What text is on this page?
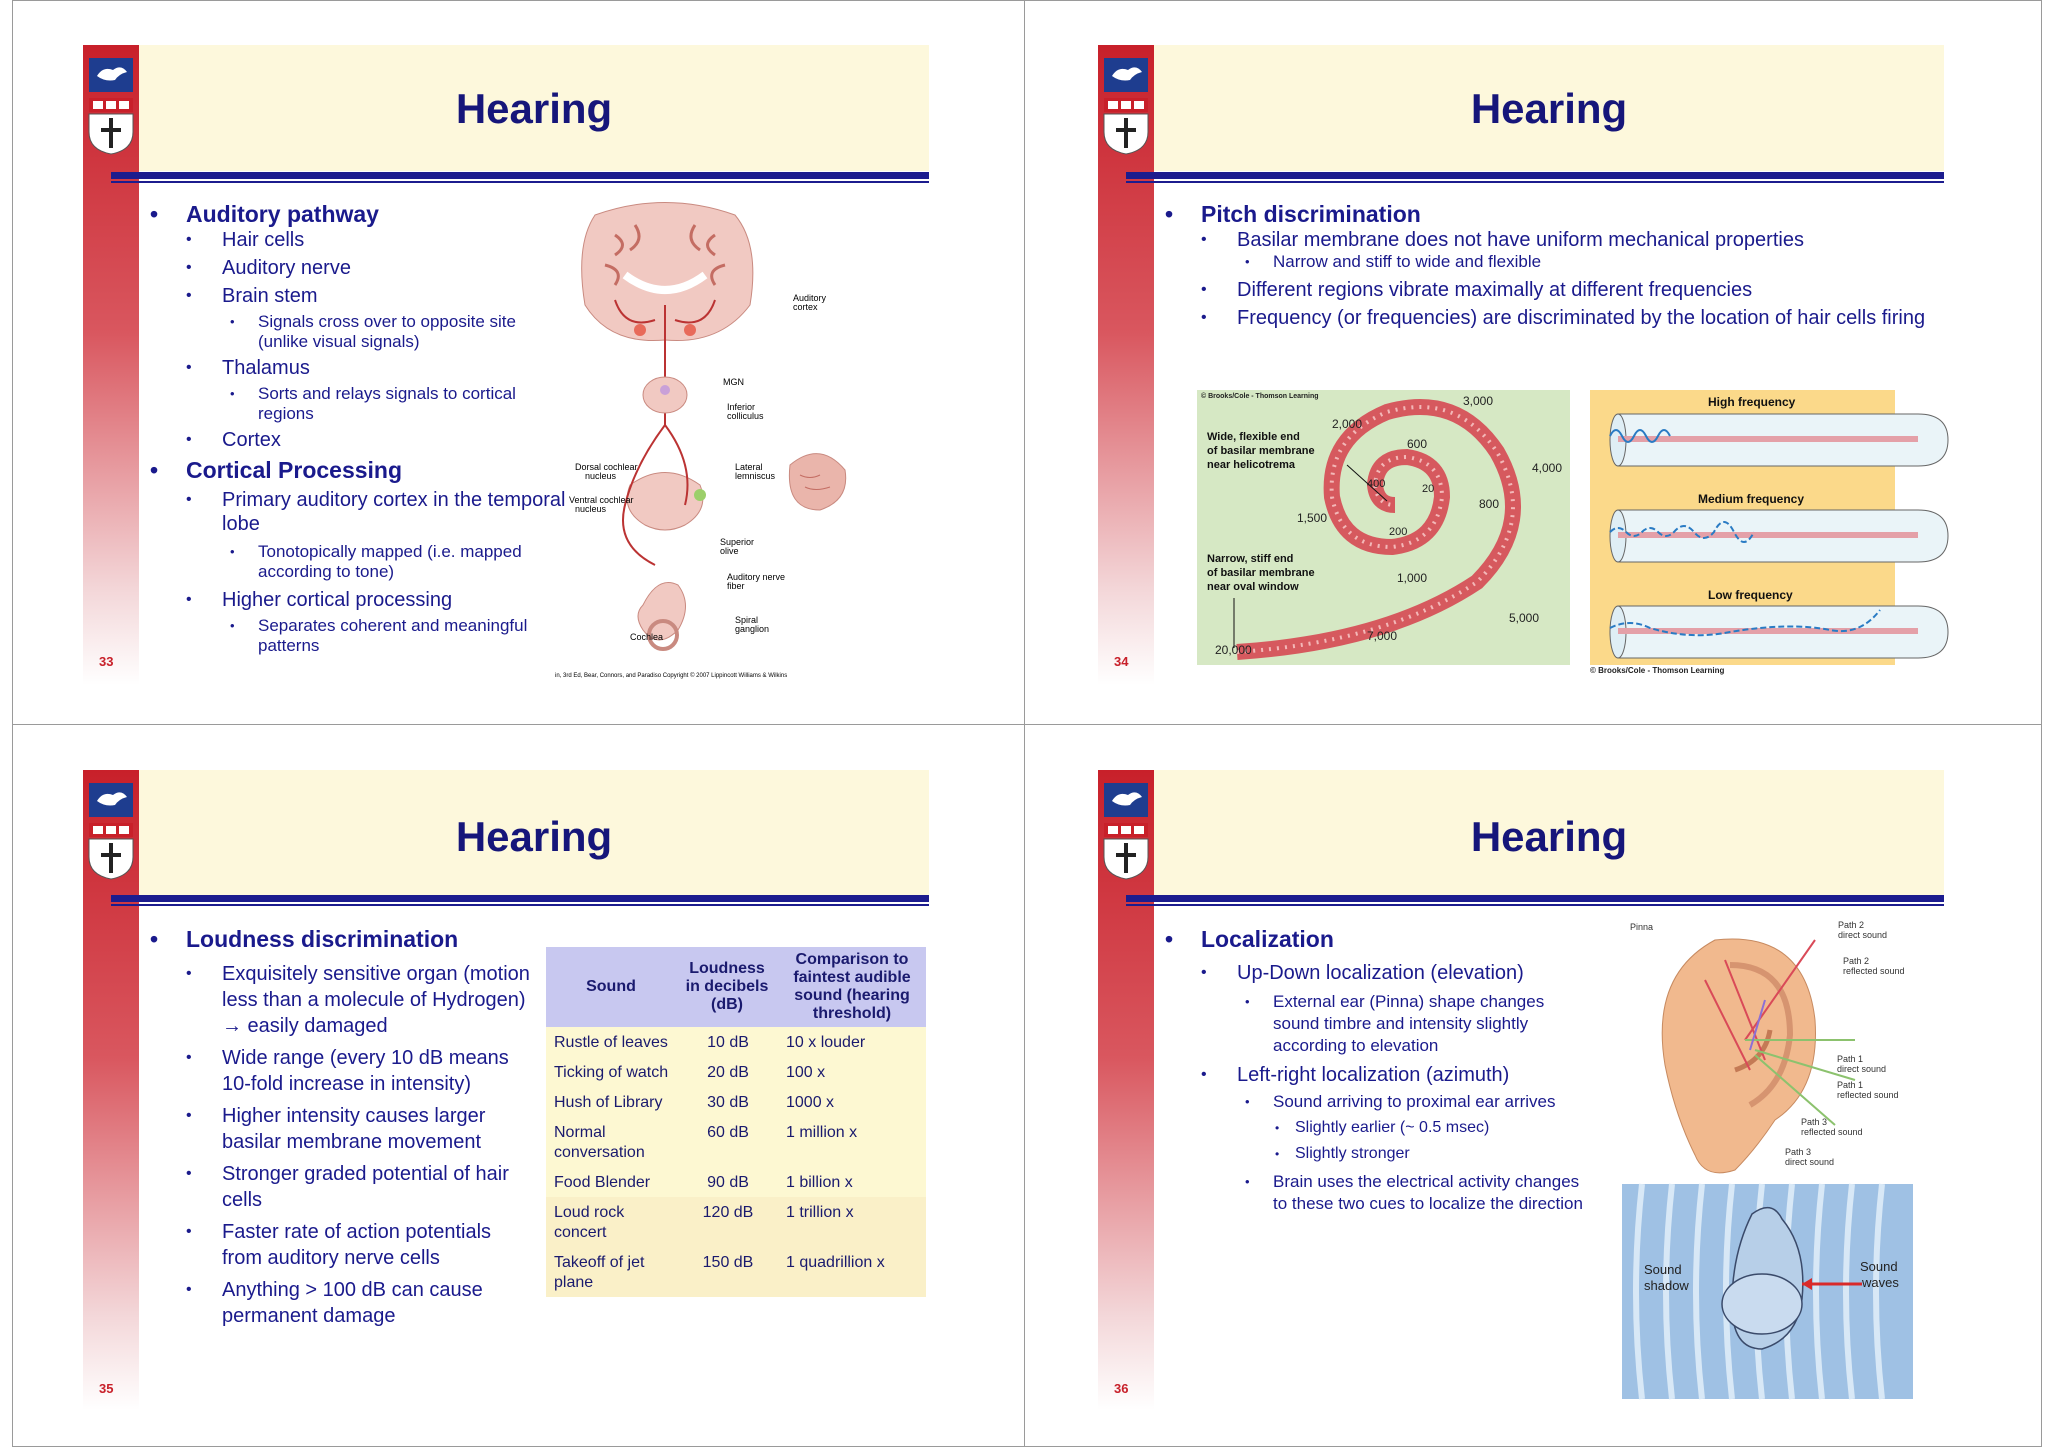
Hearing
• Auditory pathway
• Hair cells
• Auditory nerve
• Brain stem
• Signals cross over to opposite site (unlike visual signals)
• Thalamus
• Sorts and relays signals to cortical regions
• Cortex
• Cortical Processing
• Primary auditory cortex in the temporal lobe
• Tonotopically mapped (i.e. mapped according to tone)
• Higher cortical processing
• Separates coherent and meaningful patterns
Auditory
cortex
MGN
Inferior
colliculus
Dorsal cochlear
nucleus
Ventral cochlear
nucleus
Lateral
lemniscus
Superior
olive
Auditory nerve
fiber
Spiral
ganglion
Cochlea
in, 3rd Ed, Bear, Connors, and Paradiso Copyright © 2007 Lippincott Williams & Wilkins
33
Hearing
• Pitch discrimination
• Basilar membrane does not have uniform mechanical properties
• Narrow and stiff to wide and flexible
• Different regions vibrate maximally at different frequencies
• Frequency (or frequencies) are discriminated by the location of hair cells firing
© Brooks/Cole - Thomson Learning
Wide, flexible end
of basilar membrane
near helicotrema
Narrow, stiff end
of basilar membrane
near oval window
3,000
2,000
600
4,000
400	20
800
1,500
200
1,000
5,000
7,000
20,000
High frequency
Medium frequency
Low frequency
© Brooks/Cole - Thomson Learning
34
Hearing
• Loudness discrimination
• Exquisitely sensitive organ (motion less than a molecule of Hydrogen) → easily damaged
• Wide range (every 10 dB means 10-fold increase in intensity)
• Higher intensity causes larger basilar membrane movement
• Stronger graded potential of hair cells
• Faster rate of action potentials from auditory nerve cells
• Anything > 100 dB can cause permanent damage
Sound	Loudness in decibels (dB)	Comparison to faintest audible sound (hearing threshold)
Rustle of leaves	10 dB	10 x louder
Ticking of watch	20 dB	100 x
Hush of Library	30 dB	1000 x
Normal conversation	60 dB	1 million x
Food Blender	90 dB	1 billion x
Loud rock concert	120 dB	1 trillion x
Takeoff of jet plane	150 dB	1 quadrillion x
35
Hearing
• Localization
• Up-Down localization (elevation)
• External ear (Pinna) shape changes sound timbre and intensity slightly according to elevation
• Left-right localization (azimuth)
• Sound arriving to proximal ear arrives
• Slightly earlier (~ 0.5 msec)
• Slightly stronger
• Brain uses the electrical activity changes to these two cues to localize the direction
Pinna	Path 2
direct sound
Path 2
reflected sound
Path 1
direct sound
Path 1
reflected sound
Path 3
reflected sound
Path 3
direct sound
Sound
shadow
Sound
waves
36
